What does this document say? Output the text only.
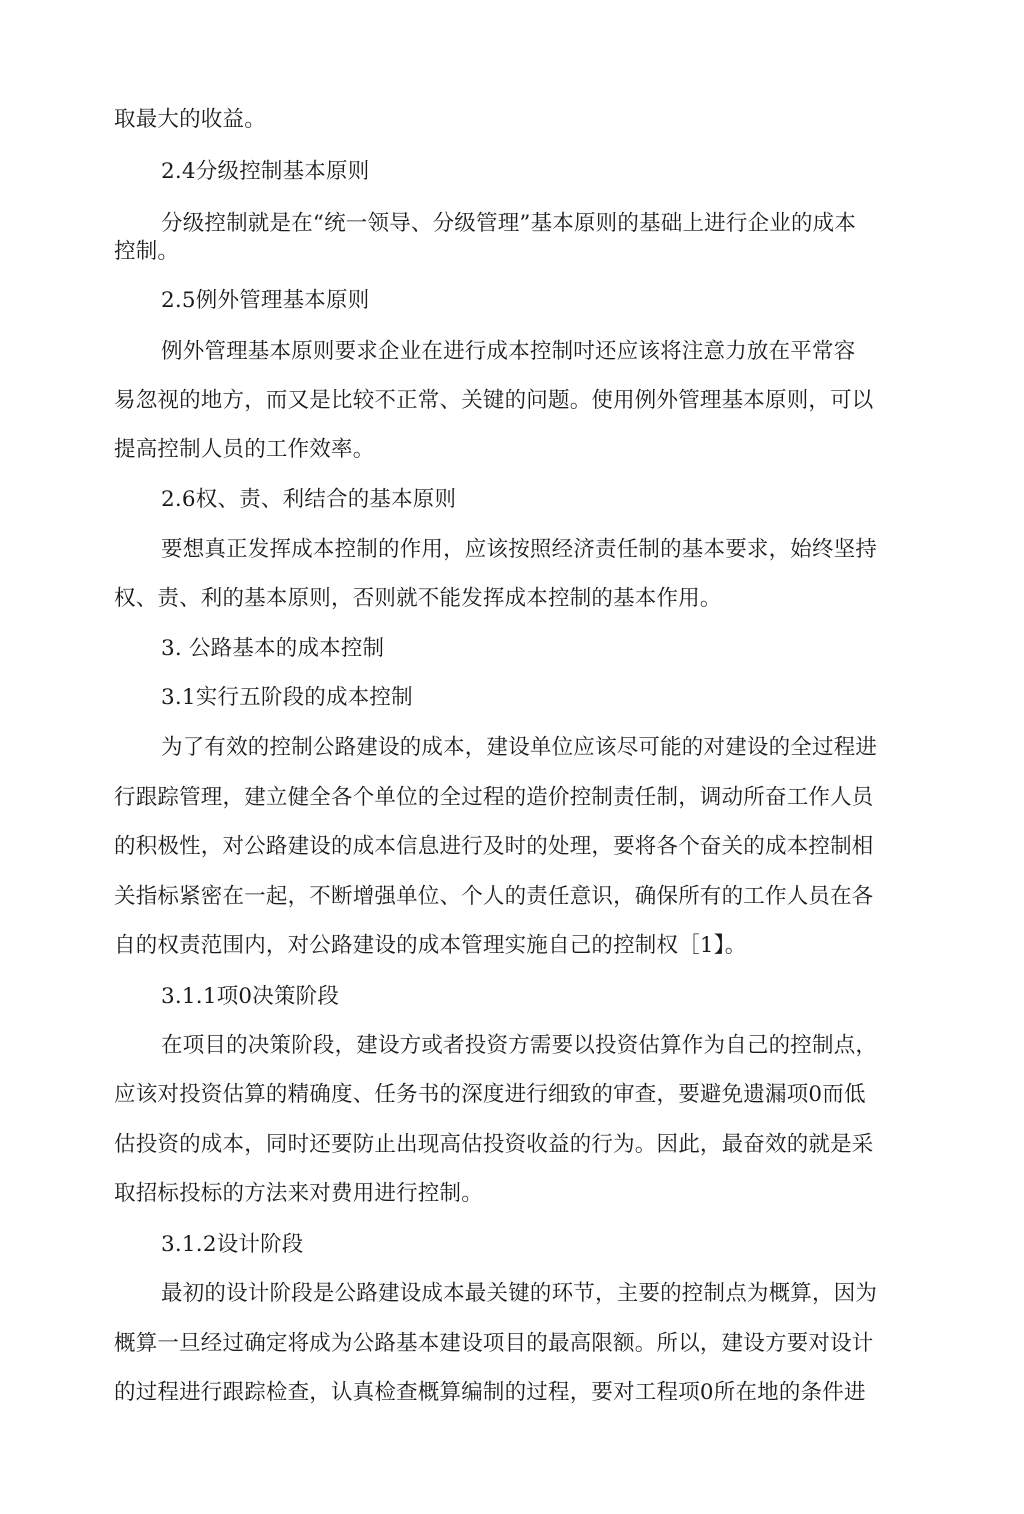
取最大的收益。
2.4分级控制基本原则
分级控制就是在“统一领导、分级管理”基本原则的基础上进行企业的成本
控制。
2.5例外管理基本原则
例外管理基本原则要求企业在进行成本控制吋还应该将注意力放在平常容
易忽视的地方，而又是比较不正常、关键的问题。使用例外管理基本原则，可以
提高控制人员的工作效率。
2.6权、责、利结合的基本原则
要想真正发挥成本控制的作用，应该按照经济责任制的基本要求，始终坚持
权、责、利的基本原则，否则就不能发挥成本控制的基本作用。
3. 公路基本的成本控制
3.1实行五阶段的成本控制
为了有效的控制公路建设的成本，建设单位应该尽可能的对建设的全过程进
行跟踪管理，建立健全各个单位的全过程的造价控制责任制，调动所奋工作人员
的积极性，对公路建设的成本信息进行及时的处理，要将各个奋关的成本控制相
关指标紧密在一起，不断增强单位、个人的责任意识，确保所有的工作人员在各
自的权责范围内，对公路建设的成本管理实施自己的控制权［1】。
3.1.1项0决策阶段
在项目的决策阶段，建设方或者投资方需要以投资估算作为自己的控制点，
应该对投资估算的精确度、任务书的深度进行细致的审查，要避免遗漏项0而低
估投资的成本，同时还要防止出现高估投资收益的行为。因此，最奋效的就是采
取招标投标的方法来对费用进行控制。
3.1.2设计阶段
最初的设计阶段是公路建设成本最关键的环节，主要的控制点为概算，因为
概算一旦经过确定将成为公路基本建设项目的最高限额。所以，建设方要对设计
的过程进行跟踪检查，认真检查概算编制的过程，要对工程项0所在地的条件进
